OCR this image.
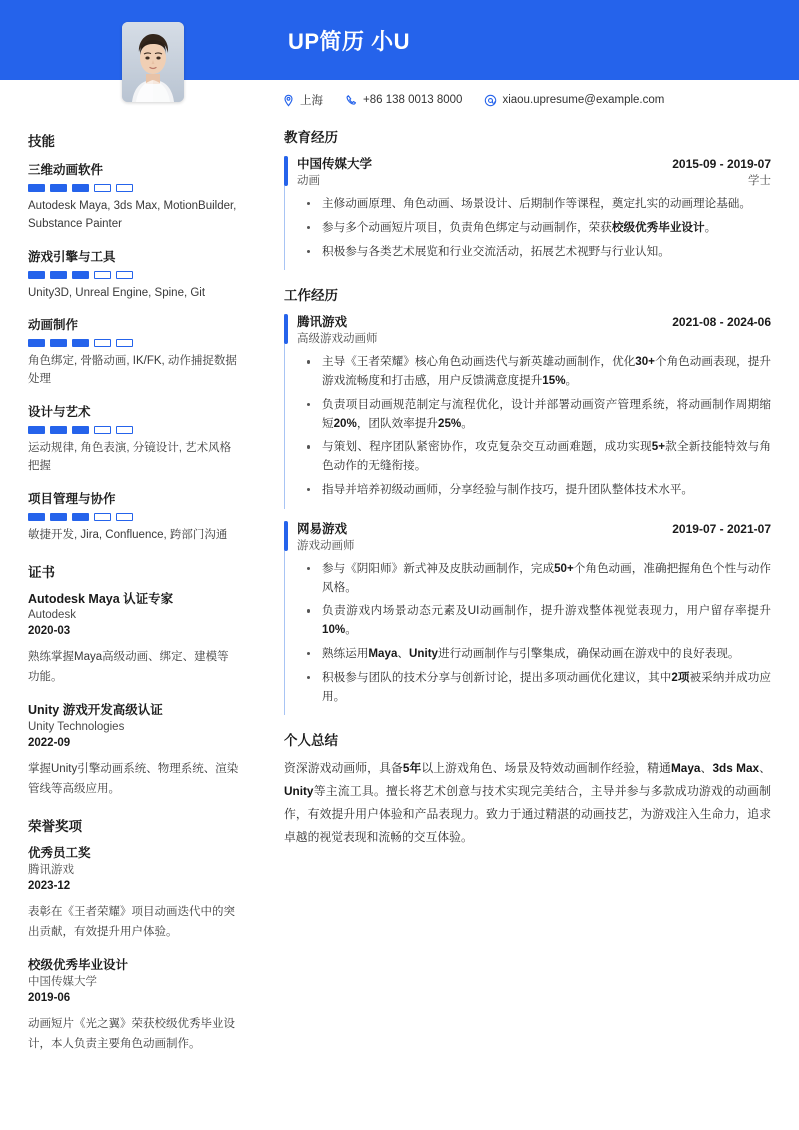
UP简历 小U
上海	+86 138 0013 8000	xiaou.upresume@example.com
技能
三维动画软件
Autodesk Maya, 3ds Max, MotionBuilder, Substance Painter
游戏引擎与工具
Unity3D, Unreal Engine, Spine, Git
动画制作
角色绑定, 骨骼动画, IK/FK, 动作捕捉数据处理
设计与艺术
运动规律, 角色表演, 分镜设计, 艺术风格把握
项目管理与协作
敏捷开发, Jira, Confluence, 跨部门沟通
证书
Autodesk Maya 认证专家
Autodesk
2020-03
熟练掌握Maya高级动画、绑定、建模等功能。
Unity 游戏开发高级认证
Unity Technologies
2022-09
掌握Unity引擎动画系统、物理系统、渲染管线等高级应用。
荣誉奖项
优秀员工奖
腾讯游戏
2023-12
表彰在《王者荣耀》项目动画迭代中的突出贡献，有效提升用户体验。
校级优秀毕业设计
中国传媒大学
2019-06
动画短片《光之翼》荣获校级优秀毕业设计，本人负责主要角色动画制作。
教育经历
中国传媒大学	2015-09 - 2019-07
动画	学士
主修动画原理、角色动画、场景设计、后期制作等课程，奠定扎实的动画理论基础。
参与多个动画短片项目，负责角色绑定与动画制作，荣获校级优秀毕业设计。
积极参与各类艺术展览和行业交流活动，拓展艺术视野与行业认知。
工作经历
腾讯游戏	2021-08 - 2024-06
高级游戏动画师
主导《王者荣耀》核心角色动画迭代与新英雄动画制作，优化30+个角色动画表现，提升游戏流畅度和打击感，用户反馈满意度提升15%。
负责项目动画规范制定与流程优化，设计并部署动画资产管理系统，将动画制作周期缩短20%，团队效率提升25%。
与策划、程序团队紧密协作，攻克复杂交互动画难题，成功实现5+款全新技能特效与角色动作的无缝衔接。
指导并培养初级动画师，分享经验与制作技巧，提升团队整体技术水平。
网易游戏	2019-07 - 2021-07
游戏动画师
参与《阴阳师》新式神及皮肤动画制作，完成50+个角色动画，准确把握角色个性与动作风格。
负责游戏内场景动态元素及UI动画制作，提升游戏整体视觉表现力，用户留存率提升10%。
熟练运用Maya、Unity进行动画制作与引擎集成，确保动画在游戏中的良好表现。
积极参与团队的技术分享与创新讨论，提出多项动画优化建议，其中2项被采纳并成功应用。
个人总结

资深游戏动画师，具备5年以上游戏角色、场景及特效动画制作经验，精通Maya、3ds Max、Unity等主流工具。擅长将艺术创意与技术实现完美结合，主导并参与多款成功游戏的动画制作，有效提升用户体验和产品表现力。致力于通过精湛的动画技艺，为游戏注入生命力，追求卓越的视觉表现和流畅的交互体验。
